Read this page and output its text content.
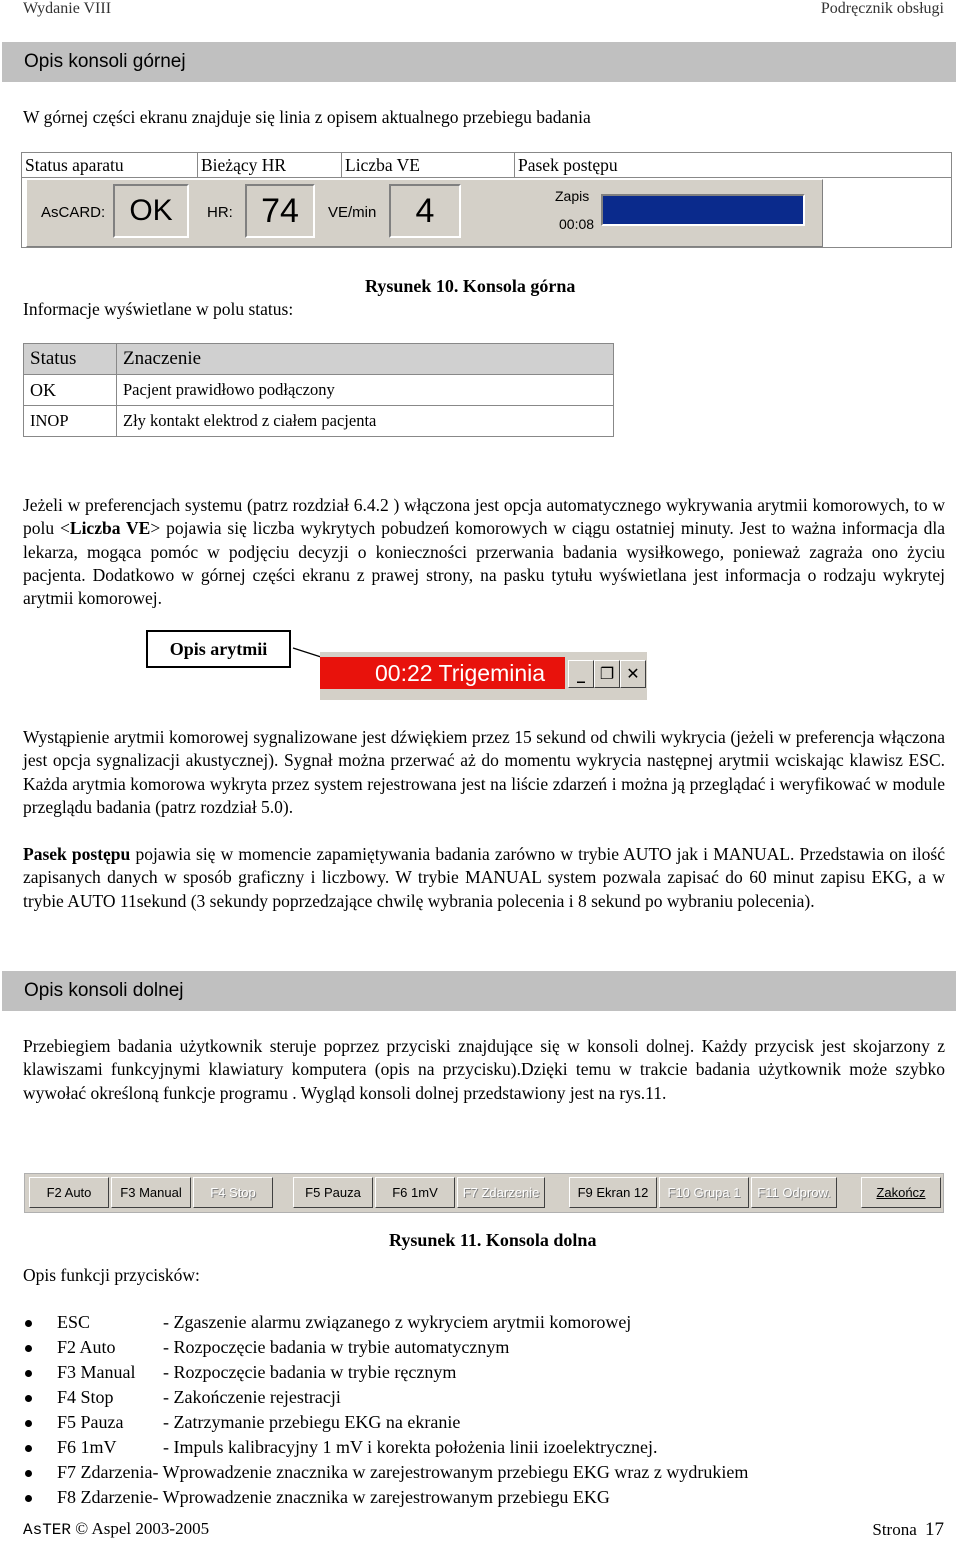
Wydanie VIII	Podręcznik obsługi
Opis konsoli górnej
W górnej części ekranu znajduje się linia z opisem aktualnego przebiegu badania
Status aparatu	Bieżący HR	Liczba VE	Pasek postępu
AsCARD: OK	HR: 74	VE/min	4	Zapis
00:08
Rysunek 10. Konsola górna
Informacje wyświetlane w polu status:
Status	Znaczenie
OK	Pacjent prawidłowo podłączony
INOP	Zły kontakt elektrod z ciałem pacjenta
Jeżeli w preferencjach systemu (patrz rozdział 6.4.2 ) włączona jest opcja automatycznego wykrywania arytmii komorowych, to w polu <Liczba VE> pojawia się liczba wykrytych pobudzeń komorowych w ciągu ostatniej minuty. Jest to ważna informacja dla lekarza, mogąca pomóc w podjęciu decyzji o konieczności przerwania badania wysiłkowego, ponieważ zagraża ono życiu pacjenta. Dodatkowo w górnej części ekranu z prawej strony, na pasku tytułu wyświetlana jest informacja o rodzaju wykrytej arytmii komorowej.
Opis arytmii
00:22 Trigeminia	_ ❐ ✕
Wystąpienie arytmii komorowej sygnalizowane jest dźwiękiem przez 15 sekund od chwili wykrycia (jeżeli w preferencja włączona jest opcja sygnalizacji akustycznej). Sygnał można przerwać aż do momentu wykrycia następnej arytmii wciskając klawisz ESC. Każda arytmia komorowa wykryta przez system rejestrowana jest na liście zdarzeń i można ją przeglądać i weryfikować w module przeglądu badania (patrz rozdział 5.0).
Pasek postępu pojawia się w momencie zapamiętywania badania zarówno w trybie AUTO jak i MANUAL. Przedstawia on ilość zapisanych danych w sposób graficzny i liczbowy. W trybie MANUAL system pozwala zapisać do 60 minut zapisu EKG, a w trybie AUTO 11sekund (3 sekundy poprzedzające chwilę wybrania polecenia i 8 sekund po wybraniu polecenia).
Opis konsoli dolnej
Przebiegiem badania użytkownik steruje poprzez przyciski znajdujące się w konsoli dolnej. Każdy przycisk jest skojarzony z klawiszami funkcyjnymi klawiatury komputera (opis na przycisku).Dzięki temu w trakcie badania użytkownik może szybko wywołać określoną funkcje programu . Wygląd konsoli dolnej przedstawiony jest na rys.11.
F2 Auto	F3 Manual	F4 Stop	F5 Pauza	F6 1mV	F7 Zdarzenie	F9 Ekran 12	F10 Grupa 1	F11 Odprow.	Zakończ
Rysunek 11. Konsola dolna
Opis funkcji przycisków:
ESC	- Zgaszenie alarmu związanego z wykryciem arytmii komorowej
F2 Auto	- Rozpoczęcie badania w trybie automatycznym
F3 Manual - Rozpoczęcie badania w trybie ręcznym
F4 Stop	- Zakończenie rejestracji
F5 Pauza - Zatrzymanie przebiegu EKG na ekranie
F6 1mV	- Impuls kalibracyjny 1 mV i korekta położenia linii izoelektrycznej.
F7 Zdarzenia- Wprowadzenie znacznika w zarejestrowanym przebiegu EKG wraz z wydrukiem
F8 Zdarzenie- Wprowadzenie znacznika w zarejestrowanym przebiegu EKG
AsTER © Aspel 2003-2005	Strona 17
